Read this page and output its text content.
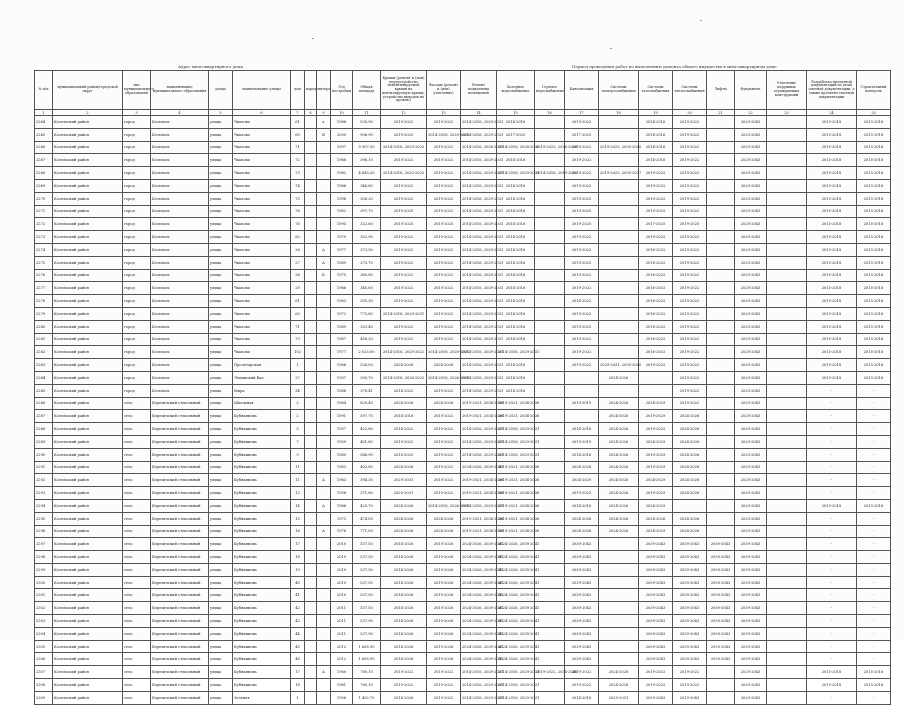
Адрес многоквартирного дома	Период проведения работ по выполнению ремонта общего имущества в многоквартирном доме
№ п/п	муниципальный район/городской округ	тип муниципального образования	наименование муниципального образования	улица	наименование улицы	дом	корпус	литера	Год постройки	Общая площадь	Крыши (ремонт и (или) переустройство невентилируемой крыши на вентилируемую крышу, устройство выходов на кровлю)	Фасады (ремонт и (или) утепление)	Ремонт подвальных помещений	Холодное водоснабжение	Горячее водоснабжение	Канализация	Системы электроснабжения	Системы газоснабжения	Системы теплоснабжения	Лифты	Фундамент	Утепление наружных ограждающих конструкций	Разработка проектной документации по (или) сметной документации, а также проектно-сметной документации	Строительный контроль
1	2	3	4	5	6	7	8	9	10	11	12	13	14	15	16	17	18	19	20	21	22	23	24	25
2264	Козельский район	город	Козельск	улица	Чкалова	61		а	1988	530,90	2019-2022	2019-2022	2014-2016, 2029-2031	2014-2016		2019-2022		2014-2016	2019-2022		2029-2043		2015-2018	2015-2018
2265	Козельский район	город	Козельск	улица	Чкалова	65		В	2000	906,90	2019-2025	2014-2016, 2020-2022	2014-2016, 2029-2031	2017-2025		2017-2025		2014-2016	2019-2022		2029-2043		2015-2018	2015-2018
2266	Козельский район	город	Козельск	улица	Чкалова	71			1997	5 907,30	2014-2016, 2029-2022	2019-2022	2014-2016, 2026-2031	2014-2016, 2028-2030	2019-2022, 2026-2028	2019-2022	2019-2025, 2035-2040	2014-2016	2019-2022		2029-2043		2015-2018	2015-2018
2267	Козельский район	город	Козельск	улица	Чкалова	72			1968	396,10	2019-2022	2019-2022	2014-2016, 2029-2031	2014-2016		2019-2022		2014-2016	2019-2022		2029-2043		2015-2018	2015-2018
2268	Козельский район	город	Козельск	улица	Чкалова	73			1982	4 645,20	2014-2016, 2020-2022	2019-2022	2014-2016, 2029-2031	2014-2016, 2029-2031	2014-2016, 2019-2022	2019-2022	2019-2025, 2035-2037	2019-2022	2019-2022		2029-2043		2015-2018	2015-2018
2269	Козельский район	город	Козельск	улица	Чкалова	74			1966	346,80	2019-2022	2019-2022	2014-2016, 2029-2031	2014-2016		2019-2022		2019-2022	2019-2022		2029-2043		2015-2018	2015-2018
2270	Козельский район	город	Козельск	улица	Чкалова	75			1996	358,20	2019-2022	2019-2022	2014-2016, 2029-2031	2014-2016		2019-2022		2019-2022	2019-2022		2029-2043		2015-2018	2015-2018
2271	Козельский район	город	Козельск	улица	Чкалова	76			1962	397,70	2019-2025	2019-2022	2014-2016, 2029-2031	2014-2016		2019-2025		2019-2025	2019-2022		2029-2043		2015-2018	2015-2018
2272	Козельский район	город	Козельск	улица	Чкалова	76			1995	332,60	2019-2025	2019-2025	2014-2016, 2029-2031	2014-2016		2019-2025		2017-2025	2019-2025		2029-2043		2015-2018	2015-2018
2273	Козельский район	город	Козельск	улица	Чкалова	82			1970	352,90	2019-2022	2019-2022	2014-2016, 2029-2031	2014-2016		2019-2022		2019-2022	2019-2022		2029-2043		2015-2018	2015-2018
2274	Козельский район	город	Козельск	улица	Чкалова	26		А	1977	373,50	2019-2022	2019-2022	2014-2016, 2029-2031	2014-2016		2019-2022		2016-2022	2019-2022		2029-2043		2015-2018	2015-2018
2275	Козельский район	город	Козельск	улица	Чкалова	27		А	1969	373,70	2019-2022	2019-2022	2014-2016, 2029-2031	2014-2016		2019-2022		2016-2022	2019-2022		2029-2043		2015-2018	2015-2018
2276	Козельский район	город	Козельск	улица	Чкалова	28		Б	1975	360,80	2019-2022	2019-2022	2014-2016, 2029-2031	2014-2016		2019-2022		2016-2022	2019-2022		2029-2043		2015-2018	2015-2018
2277	Козельский район	город	Козельск	улица	Чкалова	29			1966	340,00	2019-2022	2019-2022	2014-2016, 2029-2031	2014-2016		2019-2022		2016-2022	2019-2022		2029-2043		2015-2018	2015-2018
2278	Козельский район	город	Козельск	улица	Чкалова	61			1963	355,30	2019-2022	2019-2022	2014-2016, 2029-2031	2014-2016		2014-2022		2016-2022	2019-2022		2029-2043		2015-2018	2015-2018
2279	Козельский район	город	Козельск	улица	Чкалова	65			1972	775,80	2014-2016, 2029-2031	2019-2022	2014-2016, 2029-2031	2014-2016		2019-2022		2016-2022	2019-2022		2029-2043		2015-2018	2015-2018
2280	Козельский район	город	Козельск	улица	Чкалова	71			1969	353,40	2019-2022	2019-2022	2014-2016, 2029-2031	2014-2016		2019-2022		2016-2022	2019-2022		2029-2043		2015-2018	2015-2018
2281	Козельский район	город	Козельск	улица	Чкалова	73			1967	458,20	2019-2022	2019-2022	2014-2016, 2029-2031	2014-2016		2019-2022		2016-2022	2019-2022		2029-2043		2015-2018	2015-2018
2282	Козельский район	город	Козельск	улица	Чкалова	102			1977	2 025,00	2014-2016, 2029-2022	2014-2016, 2029-2022	2014-2016, 2029-2031	2014-2016, 2029-2031		2019-2022		2016-2022	2019-2022		2029-2043		2015-2018	2015-2018
2283	Козельский район	город	Козельск	улица	Пролетарская	1			1966	526,00	2024-2026	2024-2026	2014-2016, 2029-2031	2014-2016		2019-2022	2029-2031, 2035-2040	2019-2022	2019-2022		2029-2043		2015-2018	2015-2018
2284	Козельский район	город	Козельск	улица	Ленинский Вал	27			1937	395,70	2014-2016, 2026-2022	2014-2016, 2026-2031	2014-2016, 2029-2031	2014-2016			2024-2026		2019-2022		2029-2043		2015-2018	2015-2018
2285	Козельский район	город	Козельск	улица	Мира	34			1966	378,41	2014-2022	2019-2022	2014-2016, 2029-2031	2014-2016					2019-2022		2029-2043		-	-
2286	Козельский район	село	Березичский стекольный	улица	Школьная	2			1964	829,40	2024-2026	2024-2026	2019-2021, 2034-2036	2019-2021, 2034-2036		2019-2019	2024-2026	2024-2029	2019-2022		2029-2043		-	-
2287	Козельский район	село	Березичский стекольный	улица	Кубякинова	2			1991	597,70	2014-2016	2019-2022	2019-2021, 2034-2036	2019-2021, 2034-2036			2024-2026	2019-2029	2024-2026		2029-2043		-	-
2288	Козельский район	село	Березичский стекольный	улица	Кубякинова	5			1957	422,80	2014-2022	2019-2022	2014-2016, 2029-2031	2014-2016, 2029-2031		2014-2016	2024-2026	2019-2022	2024-2026		2029-2043		-	-
2289	Козельский район	село	Березичский стекольный	улица	Кубякинова	7			1959	401,80	2019-2022	2019-2022	2014-2016, 2029-2031	2014-2016, 2029-2031		2019-2019	2024-2026	2024-2029	2024-2026		2029-2043		-	-
2290	Козельский район	село	Березичский стекольный	улица	Кубякинова	9			1960	566,90	2018-2025	2019-2022	2014-2016, 2029-2031	2014-2016, 2029-2031		2014-2016	2024-2026	2019-2029	2024-2026		2029-2043		-	-
2291	Козельский район	село	Березичский стекольный	улица	Кубякинова	11			1963	402,80	2024-2026	2019-2022	2024-2026, 2039-2041	2019-2021, 2034-2036		2024-2028	2024-2026	2019-2029	2024-2028		2029-2043		-	-
2292	Козельский район	село	Березичский стекольный	улица	Кубякинова	11		А	1963	394,30	2029-2031	2019-2022	2019-2021, 2034-2036	2019-2021, 2034-2036		2024-2029	2024-2026	2024-2029	2024-2028		2029-2043		-	-
2293	Козельский район	село	Березичский стекольный	улица	Кубякинова	12			1958	371,80	2029-2031	2019-2022	2019-2021, 2034-2036	2019-2021, 2034-2036		2019-2025	2024-2026	2019-2029	2024-2026		2029-2043		-	-
2294	Козельский район	село	Березичский стекольный	улица	Кубякинова	14		А	1966	425,70	2024-2026	2014-2016, 2026-2031	2014-2016, 2029-2031	2019-2021, 2034-2036		2014-2016	2024-2026	2024-2029			2029-2043		2015-2018	2015-2018
2295	Козельский район	село	Березичский стекольный	улица	Кубякинова	15			1973	474,00	2024-2026	2024-2026	2019-2021, 2034-2036	2019-2021, 2034-2036		2024-2026	2024-2026	2024-2026	2024-2026		2029-2043		-	-
2296	Козельский район	село	Березичский стекольный	улица	Кубякинова	16		А	1976	771,00	2024-2026	2024-2026	2019-2021, 2034-2036	2019-2021, 2034-2036		2024-2026	2024-2026	2024-2029	2024-2026		2029-2043		-	-
2297	Козельский район	село	Березичский стекольный	улица	Кубякинова	17			2010	537,50	2014-2026	2019-2026	2024-2026, 2039-2041	2024-2026, 2039-2041		2039-2043		2039-2043	2039-2043	2039-2043	2039-2043		-	-
2298	Козельский район	село	Березичский стекольный	улица	Кубякинова	18			2010	537,50	2014-2026	2019-2026	2024-2026, 2039-2041	2024-2026, 2039-2041		2039-2043		2039-2043	2039-2043	2039-2043	2039-2043		-	-
2299	Козельский район	село	Березичский стекольный	улица	Кубякинова	19			2010	537,50	2014-2026	2019-2026	2024-2026, 2039-2041	2024-2026, 2039-2041		2039-2043		2039-2043	2039-2043	2039-2043	2039-2043		-	-
2300	Козельский район	село	Березичский стекольный	улица	Кубякинова	40			2010	537,50	2014-2026	2019-2026	2024-2026, 2039-2041	2024-2026, 2039-2041		2039-2043		2039-2043	2039-2043	2039-2043	2039-2043		-	-
2301	Козельский район	село	Березичский стекольный	улица	Кубякинова	41			2010	537,50	2014-2026	2019-2026	2024-2026, 2039-2041	2024-2026, 2039-2041		2039-2043		2039-2043	2039-2043	2039-2043	2039-2043		-	-
2302	Козельский район	село	Березичский стекольный	улица	Кубякинова	42			2011	537,50	2014-2026	2019-2026	2024-2026, 2039-2041	2024-2026, 2039-2041		2039-2043		2039-2043	2039-2043	2039-2043	2039-2043		-	-
2303	Козельский район	село	Березичский стекольный	улица	Кубякинова	43			2011	537,90	2014-2026	2019-2026	2024-2026, 2039-2041	2024-2026, 2039-2041		2039-2043		2039-2043	2039-2043	2039-2043	2039-2043		-	-
2304	Козельский район	село	Березичский стекольный	улица	Кубякинова	44			2011	537,90	2014-2026	2019-2026	2024-2026, 2039-2041	2024-2026, 2039-2041		2039-2043		2039-2043	2039-2043	2039-2043	2039-2043		-	-
2305	Козельский район	село	Березичский стекольный	улица	Кубякинова	45			2012	1 665,90	2014-2026	2019-2026	2024-2026, 2039-2041	2024-2026, 2039-2041		2039-2043		2039-2043	2039-2043	2039-2043	2039-2043		-	-
2306	Козельский район	село	Березичский стекольный	улица	Кубякинова	46			2012	1 665,90	2014-2026	2019-2026	2024-2026, 2039-2041	2024-2026, 2039-2041		2039-2043		2039-2043	2039-2043	2039-2043	2039-2043		-	-
2307	Козельский район	село	Березичский стекольный	улица	Кубякинова	17		А	1960	780,10	2019-2022	2019-2022	2014-2016, 2029-2031	2014-2016, 2029-2031	2019-2022, 2034-2040	2019-2022	2024-2028	2019-2022	2019-2022		2029-2043		2015-2018	2015-2018
2308	Козельский район	село	Березичский стекольный	улица	Кубякинова	18			1961	780,10	2019-2022	2019-2022	2014-2016, 2029-2031	2014-2016, 2029-2031		2019-2022	2024-2028	2019-2022	2019-2022		2029-2043		2015-2018	2015-2018
2309	Козельский район	село	Березичский стекольный	улица	Зеленая	1			1956	1 492,70	2014-2026	2019-2022	2014-2016, 2029-2031	2014-2016, 2029-2031		2014-2016	2029-2031	2029-2043	2019-2043		2029-2043		-	-
